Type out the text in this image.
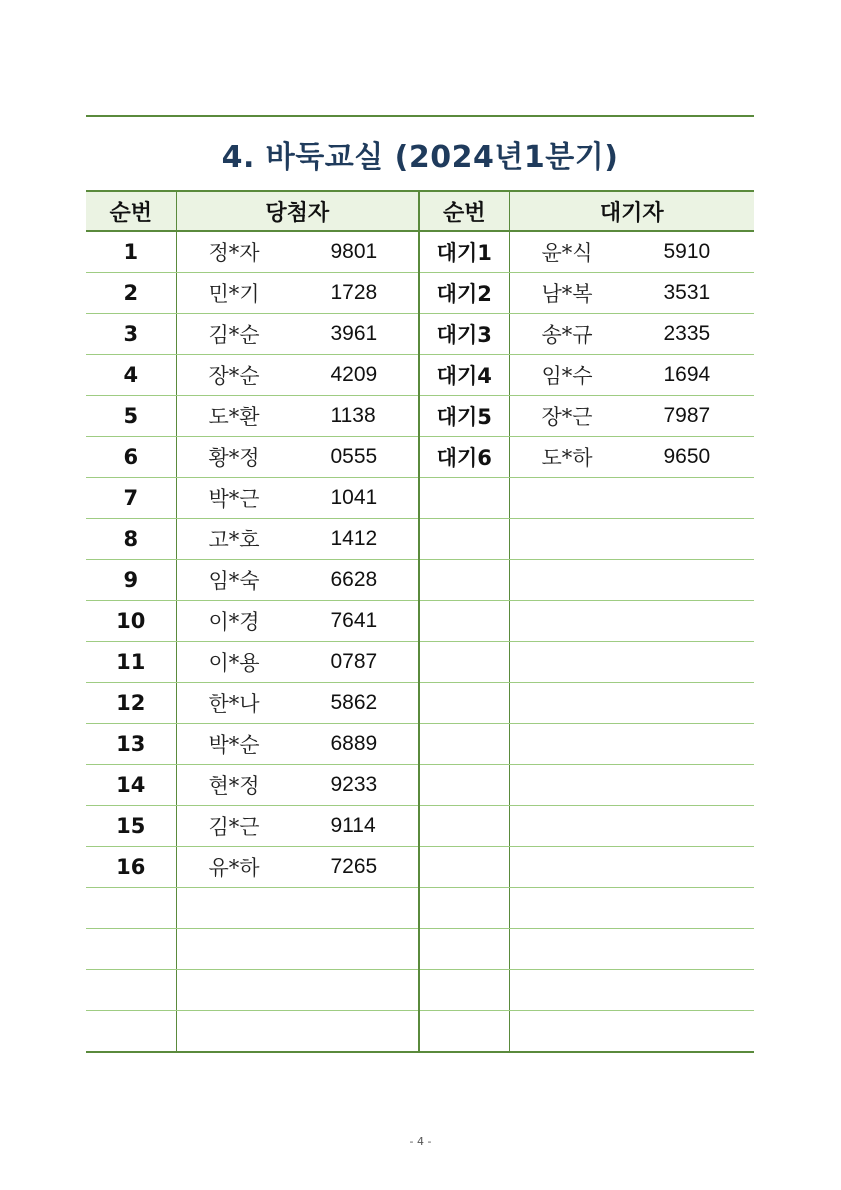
4. 바둑교실 (2024년1분기)
순번	당첨자	순번	대기자
1	정*자 9801	대기1	윤*식 5910

2	민*기 1728	대기2	남*복 3531

3	김*순 3961	대기3	송*규 2335

4	장*순 4209	대기4	임*수 1694

5	도*환 1138	대기5	장*근 7987

6	황*정 0555	대기6	도*하 9650

7	박*근 1041		

8	고*호 1412		

9	임*숙 6628		

10	이*경 7641		

11	이*용 0787		

12	한*나 5862		

13	박*순 6889		

14	현*정 9233		

15	김*근 9114		

16	유*하 7265		

- 4 -
